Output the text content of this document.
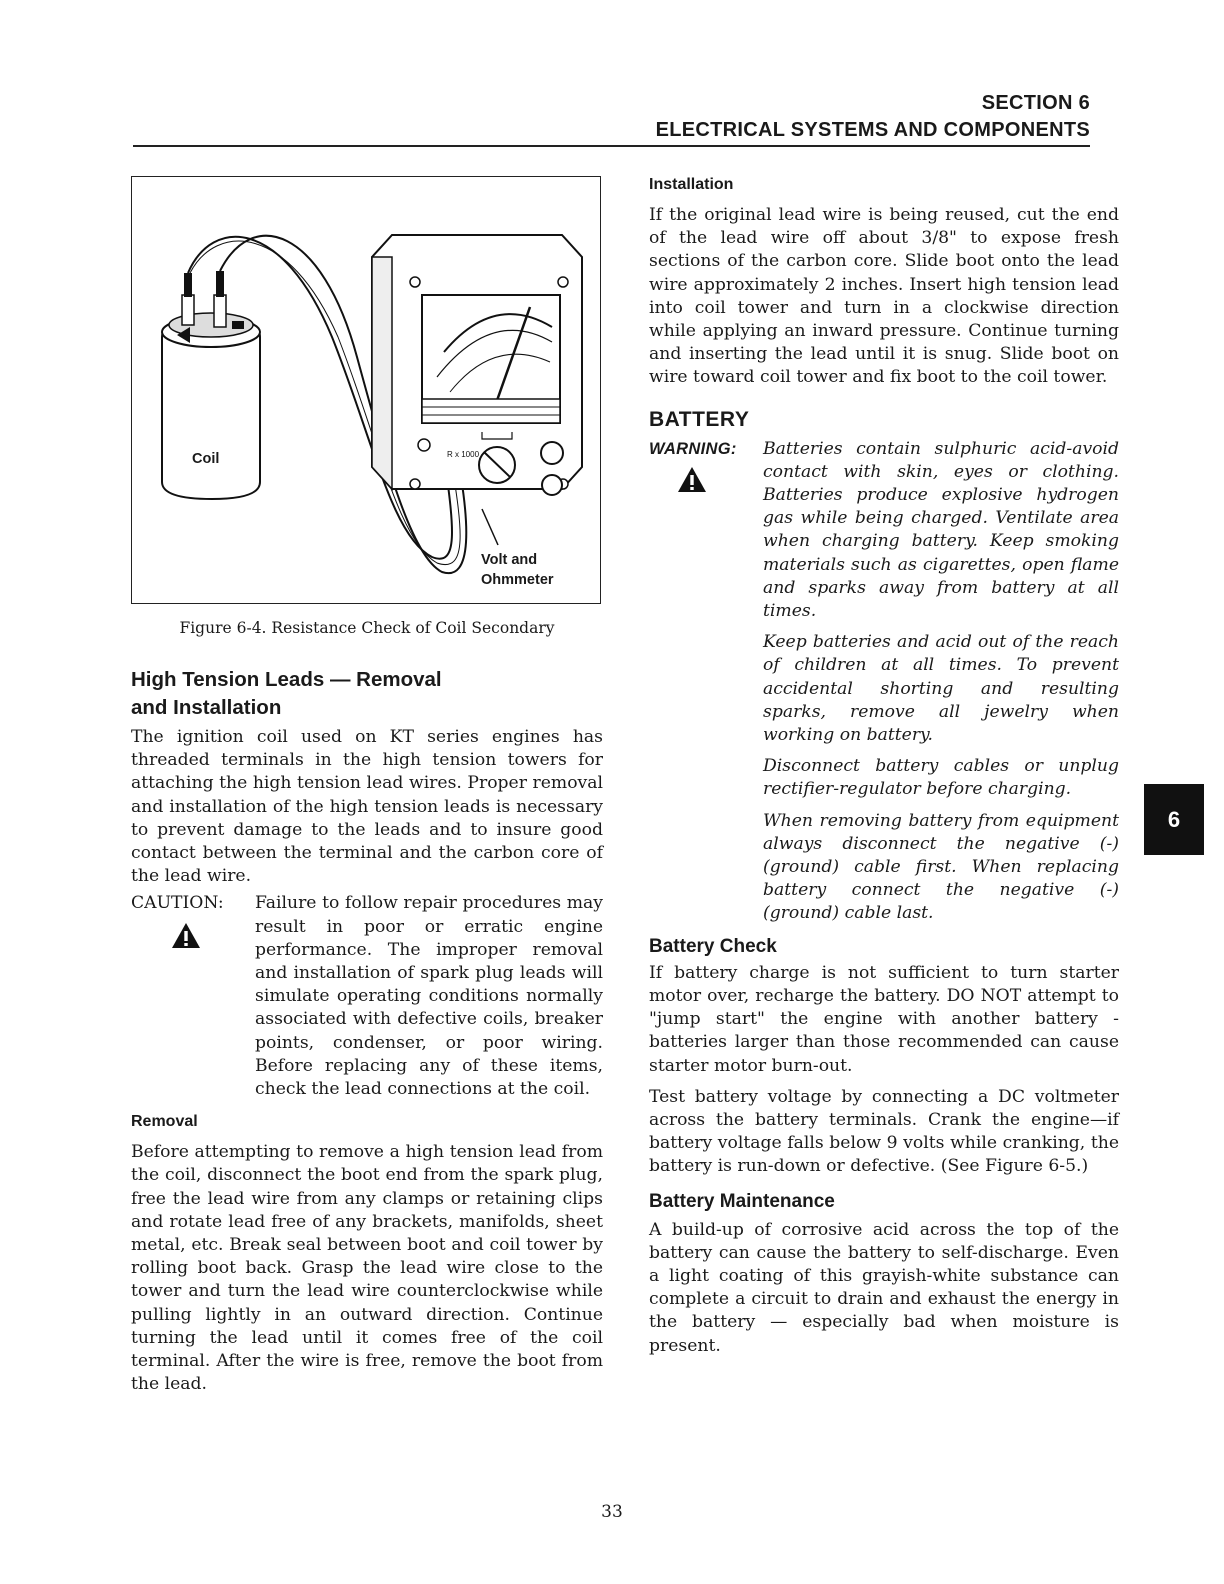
SECTION 6
ELECTRICAL SYSTEMS AND COMPONENTS
R x 1000
Coil
Volt and
Ohmmeter
Figure 6-4. Resistance Check of Coil Secondary
High Tension Leads — Removal
and Installation

The ignition coil used on KT series engines has threaded terminals in the high tension towers for attaching the high tension lead wires. Proper removal and installation of the high tension leads is necessary to prevent damage to the leads and to insure good contact between the terminal and the carbon core of the lead wire.

CAUTION:	Failure to follow repair procedures may result in poor or erratic engine performance. The improper removal and installation of spark plug leads will simulate operating conditions normally associated with defective coils, breaker points, condenser, or poor wiring. Before replacing any of these items, check the lead connections at the coil.

Removal

Before attempting to remove a high tension lead from the coil, disconnect the boot end from the spark plug, free the lead wire from any clamps or retaining clips and rotate lead free of any brackets, manifolds, sheet metal, etc. Break seal between boot and coil tower by rolling boot back. Grasp the lead wire close to the tower and turn the lead wire counterclockwise while pulling lightly in an outward direction. Continue turning the lead until it comes free of the coil terminal. After the wire is free, remove the boot from the lead.

Installation

If the original lead wire is being reused, cut the end of the lead wire off about 3/8" to expose fresh sections of the carbon core. Slide boot onto the lead wire approximately 2 inches. Insert high tension lead into coil tower and turn in a clockwise direction while applying an inward pressure. Continue turning and inserting the lead until it is snug. Slide boot on wire toward coil tower and fix boot to the coil tower.

BATTERY
WARNING:	Batteries contain sulphuric acid-avoid contact with skin, eyes or clothing. Batteries produce explosive hydrogen gas while being charged. Ventilate area when charging battery. Keep smoking materials such as cigarettes, open flame and sparks away from battery at all times.

Keep batteries and acid out of the reach of children at all times. To prevent accidental shorting and resulting sparks, remove all jewelry when working on battery.

Disconnect battery cables or unplug rectifier-regulator before charging.

When removing battery from equipment always disconnect the negative (-) (ground) cable first. When replacing battery connect the negative (-) (ground) cable last.

Battery Check

If battery charge is not sufficient to turn starter motor over, recharge the battery. DO NOT attempt to "jump start" the engine with another battery -batteries larger than those recommended can cause starter motor burn-out.

Test battery voltage by connecting a DC voltmeter across the battery terminals. Crank the engine—if battery voltage falls below 9 volts while cranking, the battery is run-down or defective. (See Figure 6-5.)

Battery Maintenance

A build-up of corrosive acid across the top of the battery can cause the battery to self-discharge. Even a light coating of this grayish-white substance can complete a circuit to drain and exhaust the energy in the battery — especially bad when moisture is present.

6
33
